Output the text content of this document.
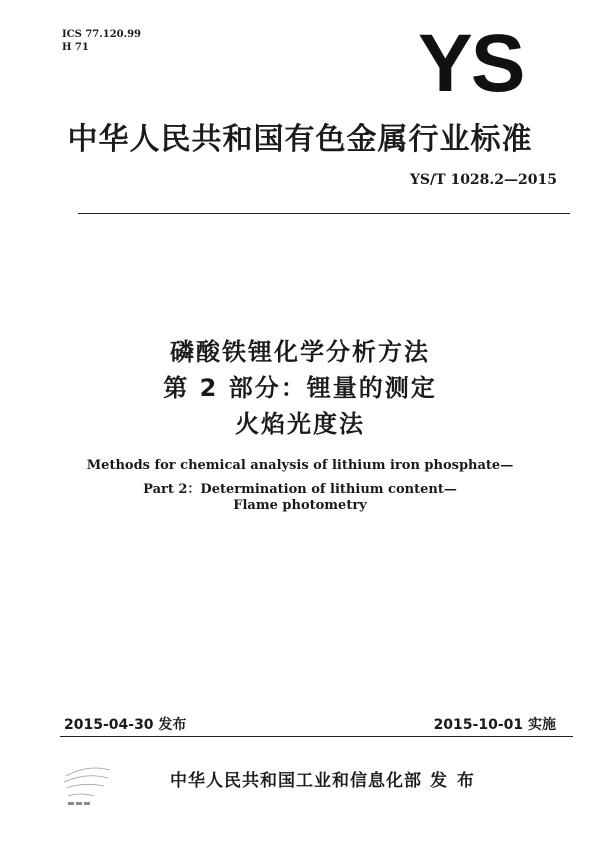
ICS 77.120.99
H 71	YS
中华人民共和国有色金属行业标准
YS/T 1028.2—2015
磷酸铁锂化学分析方法
第 2 部分：锂量的测定
火焰光度法
Methods for chemical analysis of lithium iron phosphate—
Part 2：Determination of lithium content—
Flame photometry
2015-04-30 发布	2015-10-01 实施
中华人民共和国工业和信息化部 发 布
